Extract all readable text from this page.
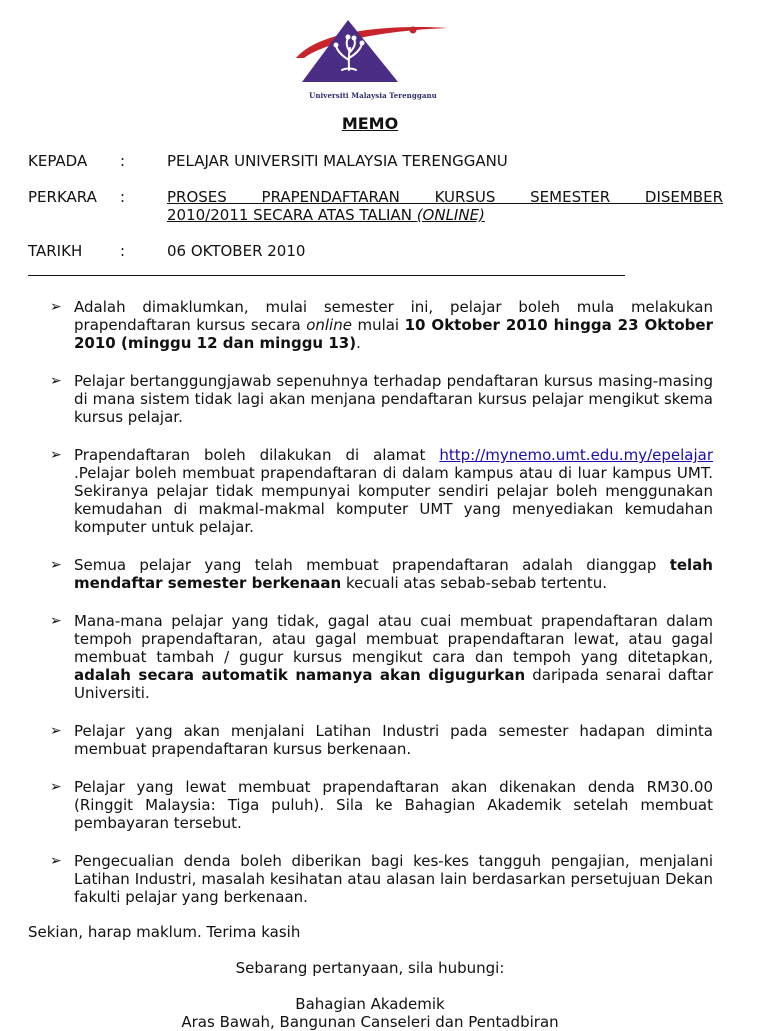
Universiti Malaysia Terengganu
MEMO
KEPADA	:	PELAJAR UNIVERSITI MALAYSIA TERENGGANU
PERKARA	:	PROSES PRAPENDAFTARAN KURSUS SEMESTER DISEMBER
2010/2011 SECARA ATAS TALIAN (ONLINE)
TARIKH	:	06 OKTOBER 2010
➢ Adalah dimaklumkan, mulai semester ini, pelajar boleh mula melakukan prapendaftaran kursus secara online mulai 10 Oktober 2010 hingga 23 Oktober 2010 (minggu 12 dan minggu 13).
➢ Pelajar bertanggungjawab sepenuhnya terhadap pendaftaran kursus masing-masing di mana sistem tidak lagi akan menjana pendaftaran kursus pelajar mengikut skema kursus pelajar.
➢ Prapendaftaran boleh dilakukan di alamat http://mynemo.umt.edu.my/epelajar .Pelajar boleh membuat prapendaftaran di dalam kampus atau di luar kampus UMT. Sekiranya pelajar tidak mempunyai komputer sendiri pelajar boleh menggunakan kemudahan di makmal-makmal komputer UMT yang menyediakan kemudahan komputer untuk pelajar.
➢ Semua pelajar yang telah membuat prapendaftaran adalah dianggap telah mendaftar semester berkenaan kecuali atas sebab-sebab tertentu.
➢ Mana-mana pelajar yang tidak, gagal atau cuai membuat prapendaftaran dalam tempoh prapendaftaran, atau gagal membuat prapendaftaran lewat, atau gagal membuat tambah / gugur kursus mengikut cara dan tempoh yang ditetapkan, adalah secara automatik namanya akan digugurkan daripada senarai daftar Universiti.
➢ Pelajar yang akan menjalani Latihan Industri pada semester hadapan diminta membuat prapendaftaran kursus berkenaan.
➢ Pelajar yang lewat membuat prapendaftaran akan dikenakan denda RM30.00 (Ringgit Malaysia: Tiga puluh). Sila ke Bahagian Akademik setelah membuat pembayaran tersebut.
➢ Pengecualian denda boleh diberikan bagi kes-kes tangguh pengajian, menjalani Latihan Industri, masalah kesihatan atau alasan lain berdasarkan persetujuan Dekan fakulti pelajar yang berkenaan.
Sekian, harap maklum. Terima kasih
Sebarang pertanyaan, sila hubungi:
Bahagian Akademik
Aras Bawah, Bangunan Canseleri dan Pentadbiran
